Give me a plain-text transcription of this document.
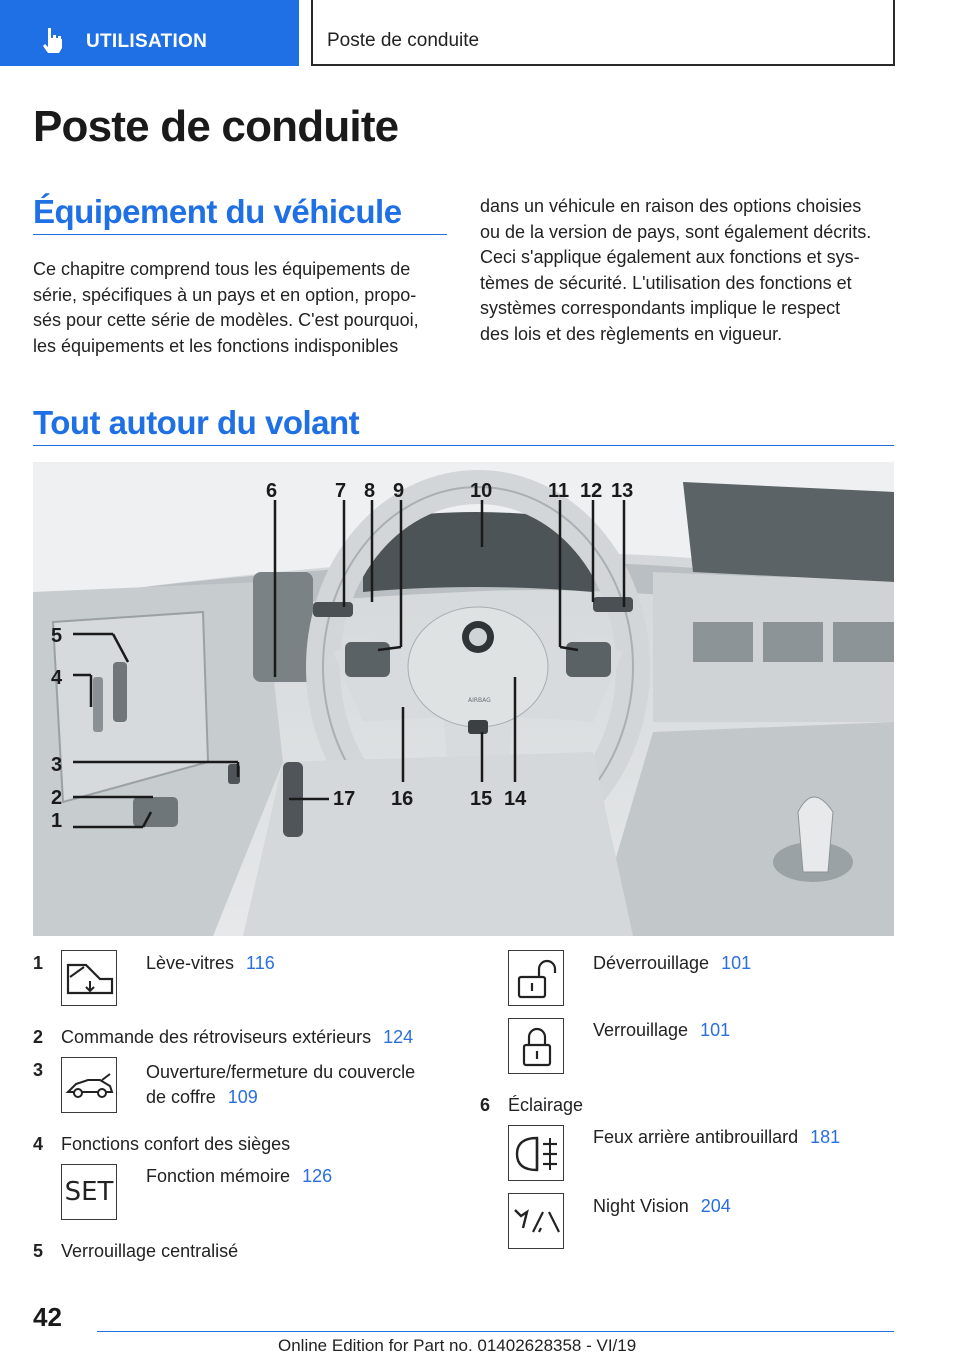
UTILISATION	Poste de conduite
Poste de conduite
Équipement du véhicule
Ce chapitre comprend tous les équipements de
série, spécifiques à un pays et en option, propo-
sés pour cette série de modèles. C'est pourquoi,
les équipements et les fonctions indisponibles
dans un véhicule en raison des options choisies
ou de la version de pays, sont également décrits.
Ceci s'applique également aux fonctions et sys-
tèmes de sécurité. L'utilisation des fonctions et
systèmes correspondants implique le respect
des lois et des règlements en vigueur.
Tout autour du volant
AIRBAG
1
2
3
4
5
6	7 8 9	10	11 12 13
14
15
16
17
1	Lève-vitres 116
2 Commande des rétroviseurs extérieurs 124
3	Ouverture/fermeture du couvercle
de coffre 109
4 Fonctions confort des sièges
SET
Fonction mémoire 126
5 Verrouillage centralisé
Déverrouillage 101
Verrouillage 101
6 Éclairage
Feux arrière antibrouillard 181
Night Vision 204
42
Online Edition for Part no. 01402628358 - VI/19
